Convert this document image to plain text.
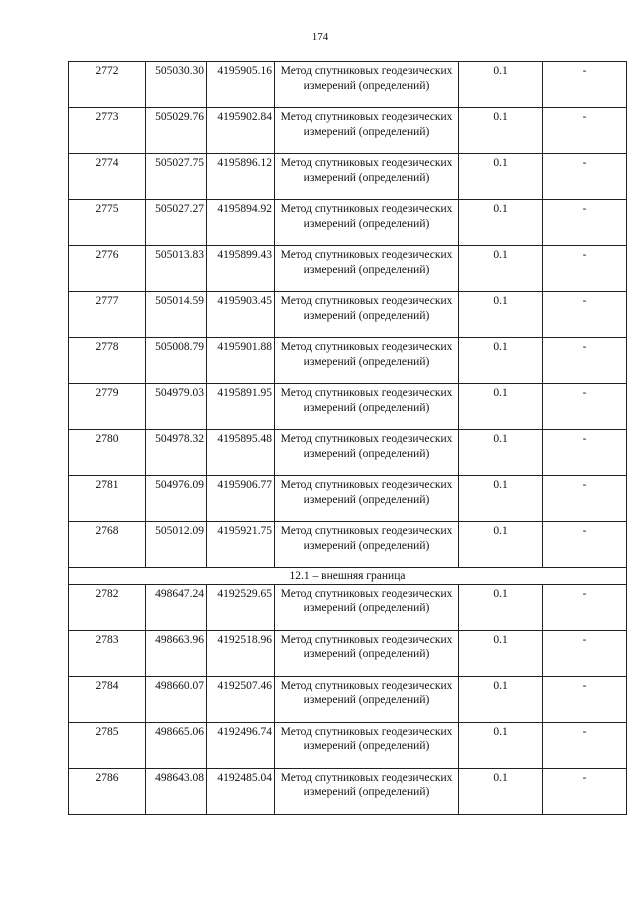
174
2772	505030.30	4195905.16	Метод спутниковых геодезических измерений (определений)	0.1	-
2773	505029.76	4195902.84	Метод спутниковых геодезических измерений (определений)	0.1	-
2774	505027.75	4195896.12	Метод спутниковых геодезических измерений (определений)	0.1	-
2775	505027.27	4195894.92	Метод спутниковых геодезических измерений (определений)	0.1	-
2776	505013.83	4195899.43	Метод спутниковых геодезических измерений (определений)	0.1	-
2777	505014.59	4195903.45	Метод спутниковых геодезических измерений (определений)	0.1	-
2778	505008.79	4195901.88	Метод спутниковых геодезических измерений (определений)	0.1	-
2779	504979.03	4195891.95	Метод спутниковых геодезических измерений (определений)	0.1	-
2780	504978.32	4195895.48	Метод спутниковых геодезических измерений (определений)	0.1	-
2781	504976.09	4195906.77	Метод спутниковых геодезических измерений (определений)	0.1	-
2768	505012.09	4195921.75	Метод спутниковых геодезических измерений (определений)	0.1	-
12.1 – внешняя граница					
2782	498647.24	4192529.65	Метод спутниковых геодезических измерений (определений)	0.1	-
2783	498663.96	4192518.96	Метод спутниковых геодезических измерений (определений)	0.1	-
2784	498660.07	4192507.46	Метод спутниковых геодезических измерений (определений)	0.1	-
2785	498665.06	4192496.74	Метод спутниковых геодезических измерений (определений)	0.1	-
2786	498643.08	4192485.04	Метод спутниковых геодезических измерений (определений)	0.1	-
